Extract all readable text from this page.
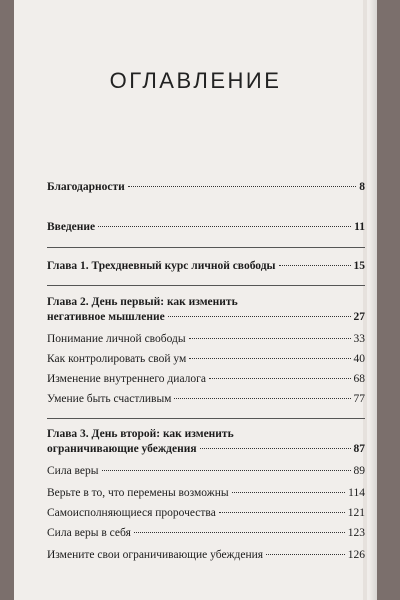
ОГЛАВЛЕНИЕ
Благодарности	8
Введение	11
Глава 1. Трехдневный курс личной свободы	15
Глава 2. День первый: как изменить
негативное мышление	27
Понимание личной свободы	33
Как контролировать свой ум	40
Изменение внутреннего диалога	68
Умение быть счастливым	77
Глава 3. День второй: как изменить
ограничивающие убеждения	87
Сила веры	89
Верьте в то, что перемены возможны	114
Самоисполняющиеся пророчества	121
Сила веры в себя	123
Измените свои ограничивающие убеждения	126
